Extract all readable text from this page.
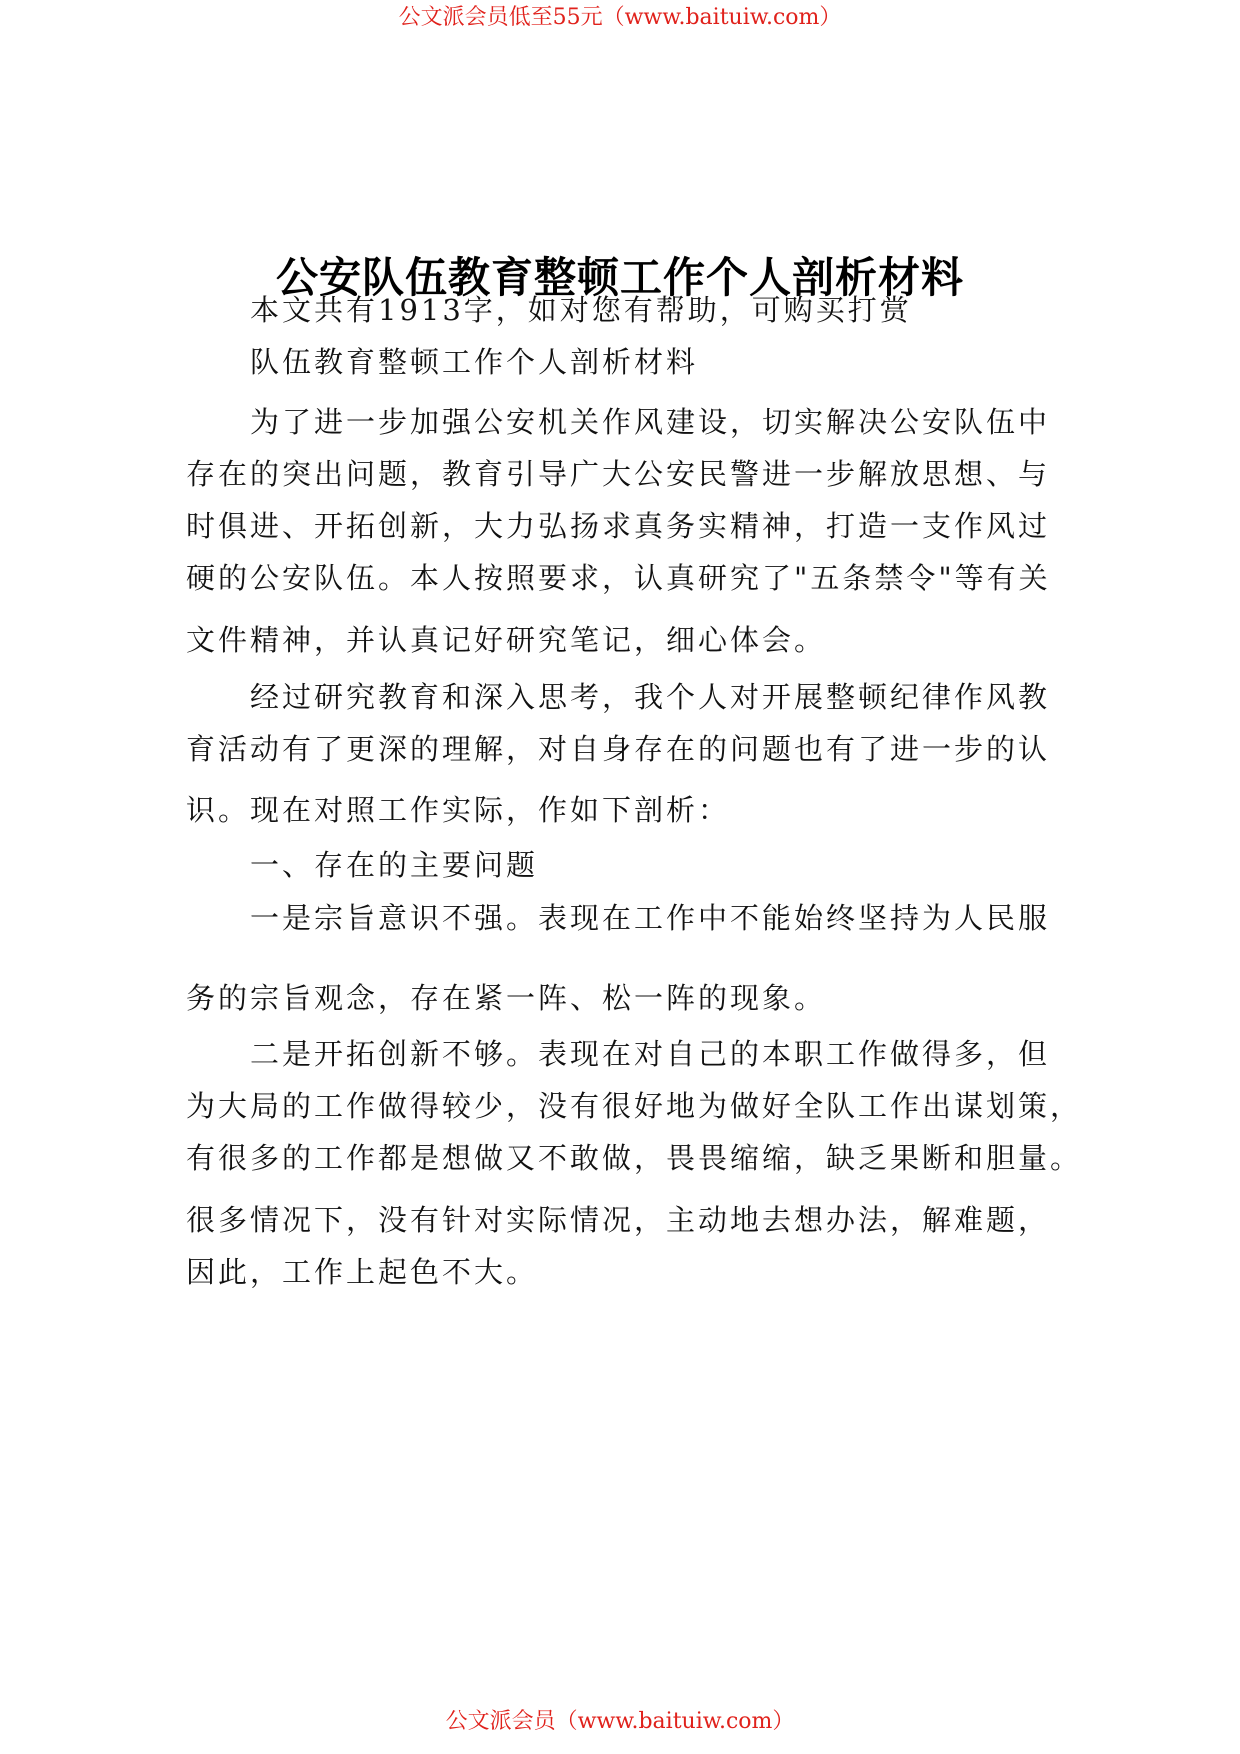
公文派会员低至55元（www.baituiw.com）
公安队伍教育整顿工作个人剖析材料
本文共有1913字，如对您有帮助，可购买打赏
队伍教育整顿工作个人剖析材料
为了进一步加强公安机关作风建设，切实解决公安队伍中
存在的突出问题，教育引导广大公安民警进一步解放思想、与
时俱进、开拓创新，大力弘扬求真务实精神，打造一支作风过
硬的公安队伍。本人按照要求，认真研究了"五条禁令"等有关
文件精神，并认真记好研究笔记，细心体会。
经过研究教育和深入思考，我个人对开展整顿纪律作风教
育活动有了更深的理解，对自身存在的问题也有了进一步的认
识。现在对照工作实际，作如下剖析：
一、存在的主要问题
一是宗旨意识不强。表现在工作中不能始终坚持为人民服
务的宗旨观念，存在紧一阵、松一阵的现象。
二是开拓创新不够。表现在对自己的本职工作做得多，但
为大局的工作做得较少，没有很好地为做好全队工作出谋划策，
有很多的工作都是想做又不敢做，畏畏缩缩，缺乏果断和胆量。
很多情况下，没有针对实际情况，主动地去想办法，解难题，
因此，工作上起色不大。
公文派会员（www.baituiw.com）
